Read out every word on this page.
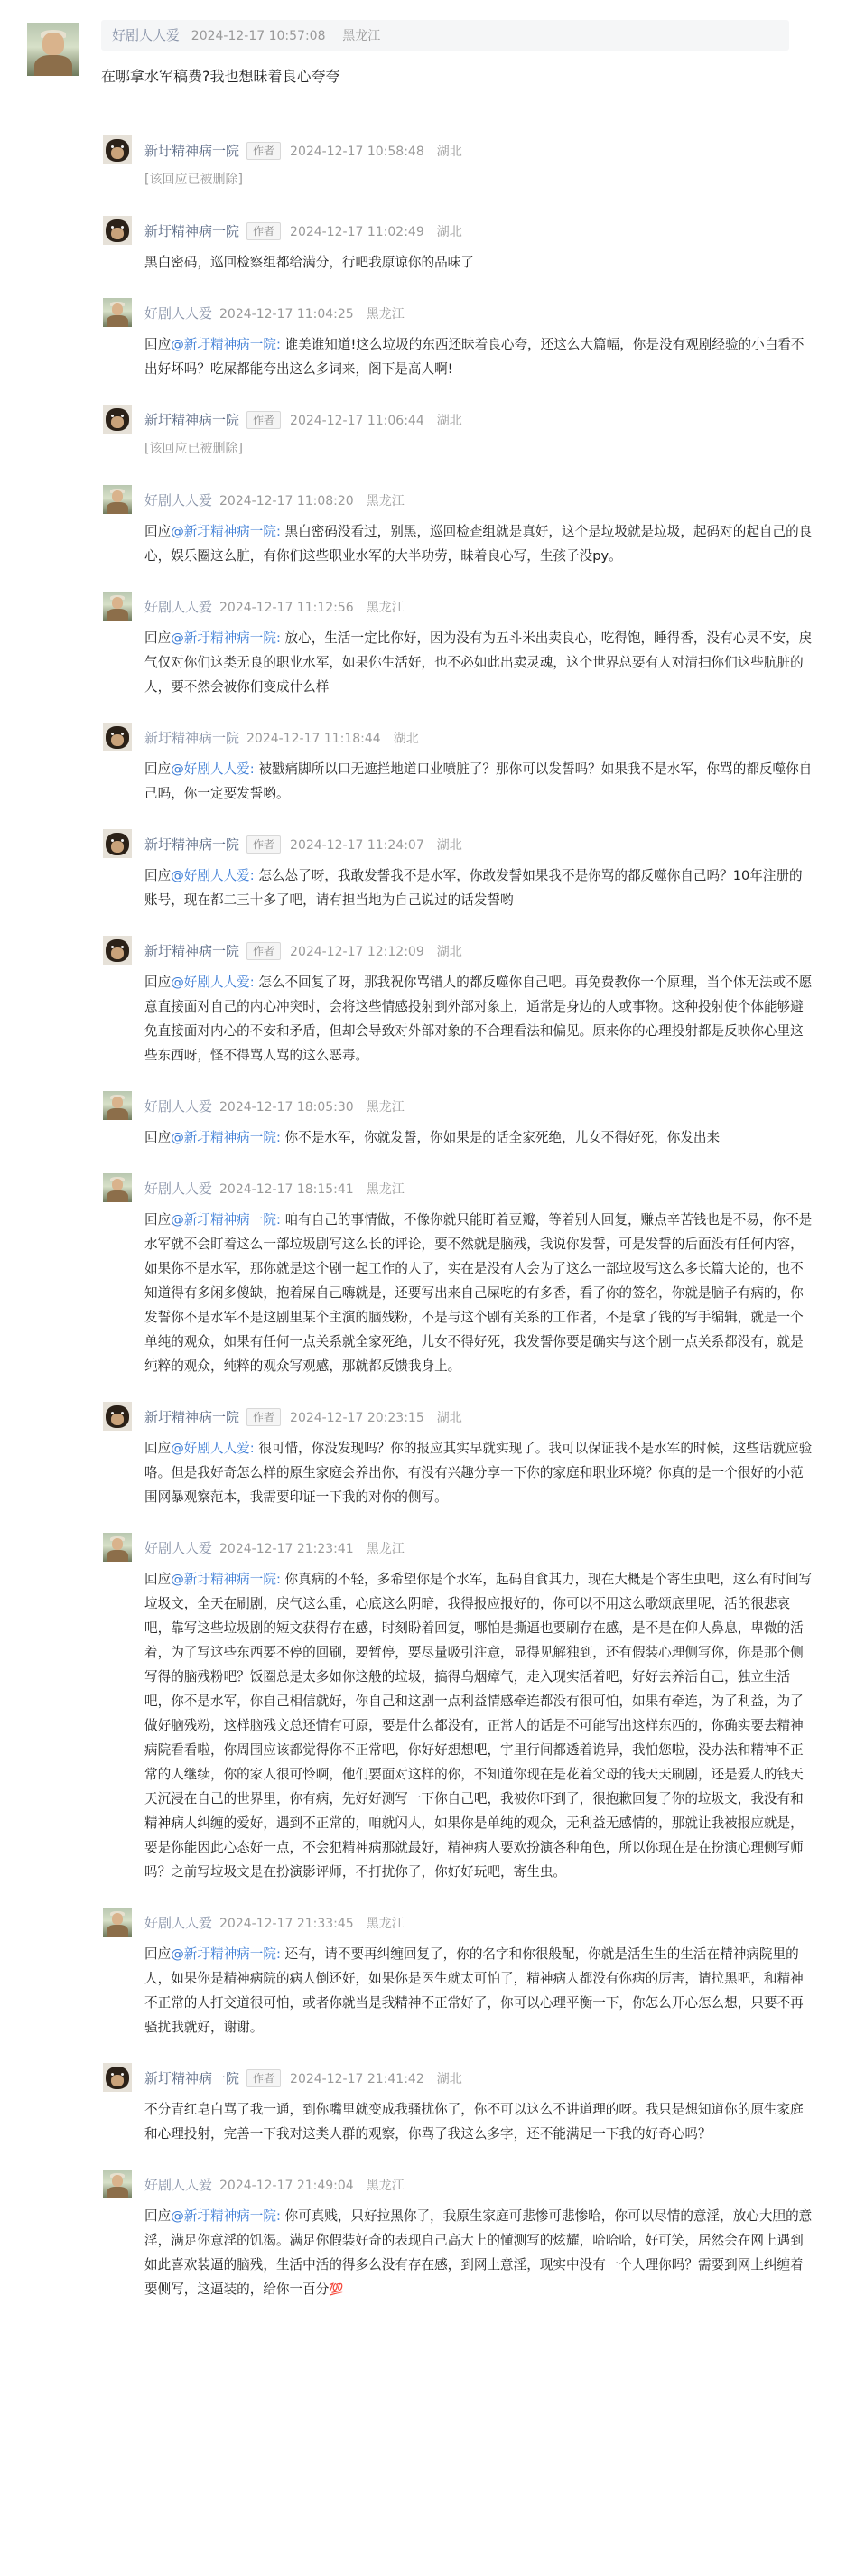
好剧人人爱 2024-12-17 10:57:08 黑龙江
在哪拿水军稿费?我也想昧着良心夸夸
新圩精神病一院 作者 2024-12-17 10:58:48 湖北
[该回应已被删除]
新圩精神病一院 作者 2024-12-17 11:02:49 湖北
黑白密码，巡回检察组都给满分，行吧我原谅你的品味了
好剧人人爱 2024-12-17 11:04:25 黑龙江
回应@新圩精神病一院: 谁美谁知道!这么垃圾的东西还昧着良心夸，还这么大篇幅，你是没有观剧经验的小白看不出好坏吗？吃屎都能夸出这么多词来，阁下是高人啊!
新圩精神病一院 作者 2024-12-17 11:06:44 湖北
[该回应已被删除]
好剧人人爱 2024-12-17 11:08:20 黑龙江
回应@新圩精神病一院: 黑白密码没看过，别黑，巡回检查组就是真好，这个是垃圾就是垃圾，起码对的起自己的良心，娱乐圈这么脏，有你们这些职业水军的大半功劳，昧着良心写，生孩子没py。
好剧人人爱 2024-12-17 11:12:56 黑龙江
回应@新圩精神病一院: 放心，生活一定比你好，因为没有为五斗米出卖良心，吃得饱，睡得香，没有心灵不安，戾气仅对你们这类无良的职业水军，如果你生活好，也不必如此出卖灵魂，这个世界总要有人对清扫你们这些肮脏的人，要不然会被你们变成什么样
新圩精神病一院 2024-12-17 11:18:44 湖北
回应@好剧人人爱: 被戳痛脚所以口无遮拦地道口业喷脏了？那你可以发誓吗？如果我不是水军，你骂的都反噬你自己吗，你一定要发誓哟。
新圩精神病一院 作者 2024-12-17 11:24:07 湖北
回应@好剧人人爱: 怎么怂了呀，我敢发誓我不是水军，你敢发誓如果我不是你骂的都反噬你自己吗？10年注册的账号，现在都二三十多了吧，请有担当地为自己说过的话发誓哟
新圩精神病一院 作者 2024-12-17 12:12:09 湖北
回应@好剧人人爱: 怎么不回复了呀，那我祝你骂错人的都反噬你自己吧。再免费教你一个原理，当个体无法或不愿意直接面对自己的内心冲突时，会将这些情感投射到外部对象上，通常是身边的人或事物。这种投射使个体能够避免直接面对内心的不安和矛盾，但却会导致对外部对象的不合理看法和偏见。原来你的心理投射都是反映你心里这些东西呀，怪不得骂人骂的这么恶毒。
好剧人人爱 2024-12-17 18:05:30 黑龙江
回应@新圩精神病一院: 你不是水军，你就发誓，你如果是的话全家死绝，儿女不得好死，你发出来
好剧人人爱 2024-12-17 18:15:41 黑龙江
回应@新圩精神病一院: 咱有自己的事情做，不像你就只能盯着豆瓣，等着别人回复，赚点辛苦钱也是不易，你不是水军就不会盯着这么一部垃圾剧写这么长的评论，要不然就是脑残，我说你发誓，可是发誓的后面没有任何内容，如果你不是水军，那你就是这个剧一起工作的人了，实在是没有人会为了这么一部垃圾写这么多长篇大论的，也不知道得有多闲多傻缺，抱着屎自己嗨就是，还要写出来自己屎吃的有多香，看了你的签名，你就是脑子有病的，你发誓你不是水军不是这剧里某个主演的脑残粉，不是与这个剧有关系的工作者，不是拿了钱的写手编辑，就是一个单纯的观众，如果有任何一点关系就全家死绝，儿女不得好死，我发誓你要是确实与这个剧一点关系都没有，就是纯粹的观众，纯粹的观众写观感，那就都反馈我身上。
新圩精神病一院 作者 2024-12-17 20:23:15 湖北
回应@好剧人人爱: 很可惜，你没发现吗？你的报应其实早就实现了。我可以保证我不是水军的时候，这些话就应验咯。但是我好奇怎么样的原生家庭会养出你，有没有兴趣分享一下你的家庭和职业环境？你真的是一个很好的小范围网暴观察范本，我需要印证一下我的对你的侧写。
好剧人人爱 2024-12-17 21:23:41 黑龙江
回应@新圩精神病一院: 你真病的不轻，多希望你是个水军，起码自食其力，现在大概是个寄生虫吧，这么有时间写垃圾文，全天在刷剧，戾气这么重，心底这么阴暗，我得报应报好的，你可以不用这么歌颂底里呢，活的很悲哀吧，靠写这些垃圾剧的短文获得存在感，时刻盼着回复，哪怕是撕逼也要刷存在感，是不是在仰人鼻息，卑微的活着，为了写这些东西要不停的回刷，要暂停，要尽量吸引注意，显得见解独到，还有假装心理侧写你，你是那个侧写得的脑残粉吧？饭圈总是太多如你这般的垃圾，搞得乌烟瘴气，走入现实活着吧，好好去养活自己，独立生活吧，你不是水军，你自己相信就好，你自己和这剧一点利益情感牵连都没有很可怕，如果有牵连，为了利益，为了做好脑残粉，这样脑残文总还情有可原，要是什么都没有，正常人的话是不可能写出这样东西的，你确实要去精神病院看看啦，你周围应该都觉得你不正常吧，你好好想想吧，宇里行间都透着诡异，我怕您啦，没办法和精神不正常的人继续，你的家人很可怜啊，他们要面对这样的你，不知道你现在是花着父母的钱天天刷剧，还是爱人的钱天天沉浸在自己的世界里，你有病，先好好测写一下你自己吧，我被你吓到了，很抱歉回复了你的垃圾文，我没有和精神病人纠缠的爱好，遇到不正常的，咱就闪人，如果你是单纯的观众，无利益无感情的，那就让我被报应就是，要是你能因此心态好一点，不会犯精神病那就最好，精神病人要欢扮演各种角色，所以你现在是在扮演心理侧写师吗？之前写垃圾文是在扮演影评师，不打扰你了，你好好玩吧，寄生虫。
好剧人人爱 2024-12-17 21:33:45 黑龙江
回应@新圩精神病一院: 还有，请不要再纠缠回复了，你的名字和你很般配，你就是活生生的生活在精神病院里的人，如果你是精神病院的病人倒还好，如果你是医生就太可怕了，精神病人都没有你病的厉害，请拉黑吧，和精神不正常的人打交道很可怕，或者你就当是我精神不正常好了，你可以心理平衡一下，你怎么开心怎么想，只要不再骚扰我就好，谢谢。
新圩精神病一院 作者 2024-12-17 21:41:42 湖北
不分青红皂白骂了我一通，到你嘴里就变成我骚扰你了，你不可以这么不讲道理的呀。我只是想知道你的原生家庭和心理投射，完善一下我对这类人群的观察，你骂了我这么多字，还不能满足一下我的好奇心吗？
好剧人人爱 2024-12-17 21:49:04 黑龙江
回应@新圩精神病一院: 你可真贱，只好拉黑你了，我原生家庭可悲惨可悲惨哈，你可以尽情的意淫，放心大胆的意淫，满足你意淫的饥渴。满足你假装好奇的表现自己高大上的懂测写的炫耀，哈哈哈，好可笑，居然会在网上遇到如此喜欢装逼的脑残，生活中活的得多么没有存在感，到网上意淫，现实中没有一个人理你吗？需要到网上纠缠着要侧写，这逼装的，给你一百分💯
